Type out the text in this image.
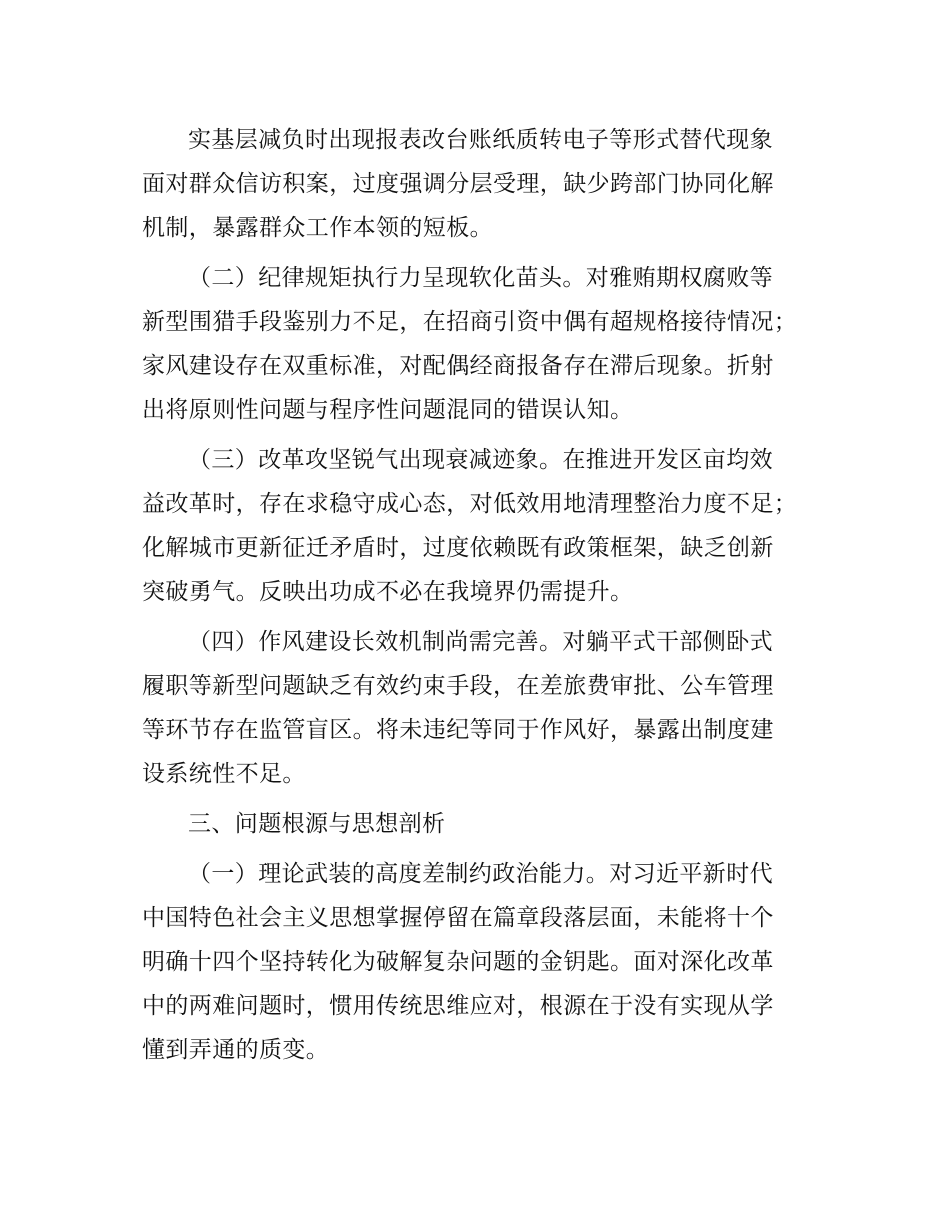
实基层减负时出现报表改台账纸质转电子等形式替代现象
面对群众信访积案，过度强调分层受理，缺少跨部门协同化解
机制，暴露群众工作本领的短板。

（二）纪律规矩执行力呈现软化苗头。对雅贿期权腐败等
新型围猎手段鉴别力不足，在招商引资中偶有超规格接待情况；
家风建设存在双重标准，对配偶经商报备存在滞后现象。折射
出将原则性问题与程序性问题混同的错误认知。

（三）改革攻坚锐气出现衰减迹象。在推进开发区亩均效
益改革时，存在求稳守成心态，对低效用地清理整治力度不足；
化解城市更新征迁矛盾时，过度依赖既有政策框架，缺乏创新
突破勇气。反映出功成不必在我境界仍需提升。

（四）作风建设长效机制尚需完善。对躺平式干部侧卧式
履职等新型问题缺乏有效约束手段，在差旅费审批、公车管理
等环节存在监管盲区。将未违纪等同于作风好，暴露出制度建
设系统性不足。

三、问题根源与思想剖析

（一）理论武装的高度差制约政治能力。对习近平新时代
中国特色社会主义思想掌握停留在篇章段落层面，未能将十个
明确十四个坚持转化为破解复杂问题的金钥匙。面对深化改革
中的两难问题时，惯用传统思维应对，根源在于没有实现从学
懂到弄通的质变。
